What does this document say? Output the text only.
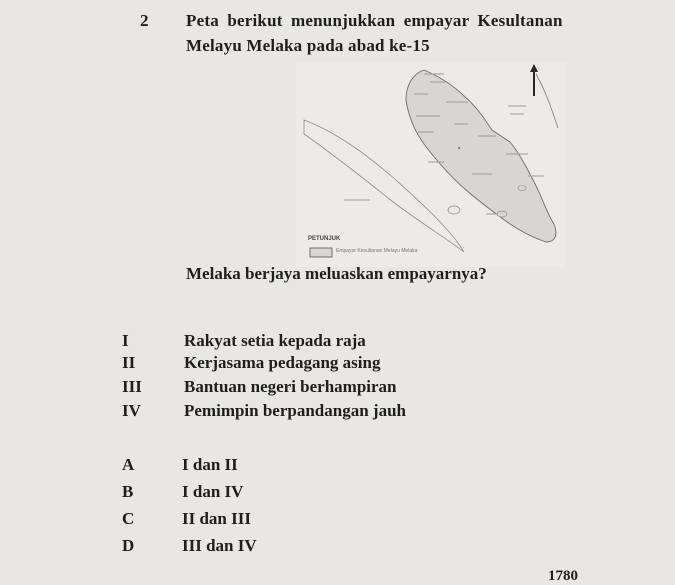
2 Peta berikut menunjukkan empayar Kesultanan
Melayu Melaka pada abad ke-15
•
PETUNJUK
Empayar Kesultanan Melayu Melaka
Melaka berjaya meluaskan empayarnya?
I	Rakyat setia kepada raja
II	Kerjasama pedagang asing
III Bantuan negeri berhampiran
IV	Pemimpin berpandangan jauh
A	I dan II
B	I dan IV
C	II dan III
D	III dan IV
1780
